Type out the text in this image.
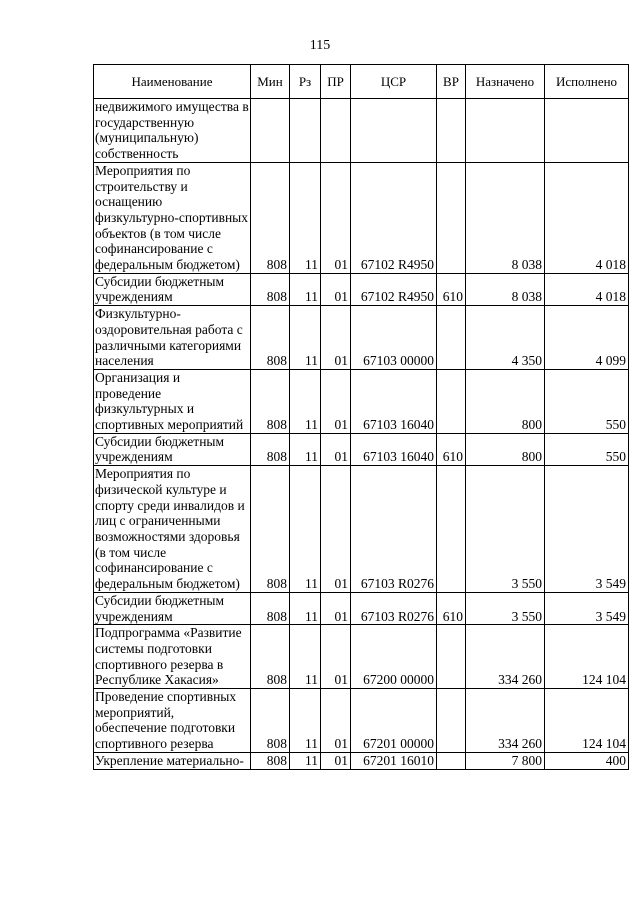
115
Наименование	Мин	Рз	ПР	ЦСР	ВР	Назначено	Исполнено
недвижимого имущества в государственную (муниципальную) собственность							
Мероприятия по строительству и оснащению физкультурно-спортивных объектов (в том числе софинансирование с федеральным бюджетом)	808	11	01	67102 R4950		8 038	4 018
Субсидии бюджетным учреждениям	808	11	01	67102 R4950	610	8 038	4 018
Физкультурно-оздоровительная работа с различными категориями населения	808	11	01	67103 00000		4 350	4 099
Организация и проведение физкультурных и спортивных мероприятий	808	11	01	67103 16040		800	550
Субсидии бюджетным учреждениям	808	11	01	67103 16040	610	800	550
Мероприятия по физической культуре и спорту среди инвалидов и лиц с ограниченными возможностями здоровья (в том числе софинансирование с федеральным бюджетом)	808	11	01	67103 R0276		3 550	3 549
Субсидии бюджетным учреждениям	808	11	01	67103 R0276	610	3 550	3 549
Подпрограмма «Развитие системы подготовки спортивного резерва в Республике Хакасия»	808	11	01	67200 00000		334 260	124 104
Проведение спортивных мероприятий, обеспечение подготовки спортивного резерва	808	11	01	67201 00000		334 260	124 104
Укрепление материально-	808	11	01	67201 16010		7 800	400
